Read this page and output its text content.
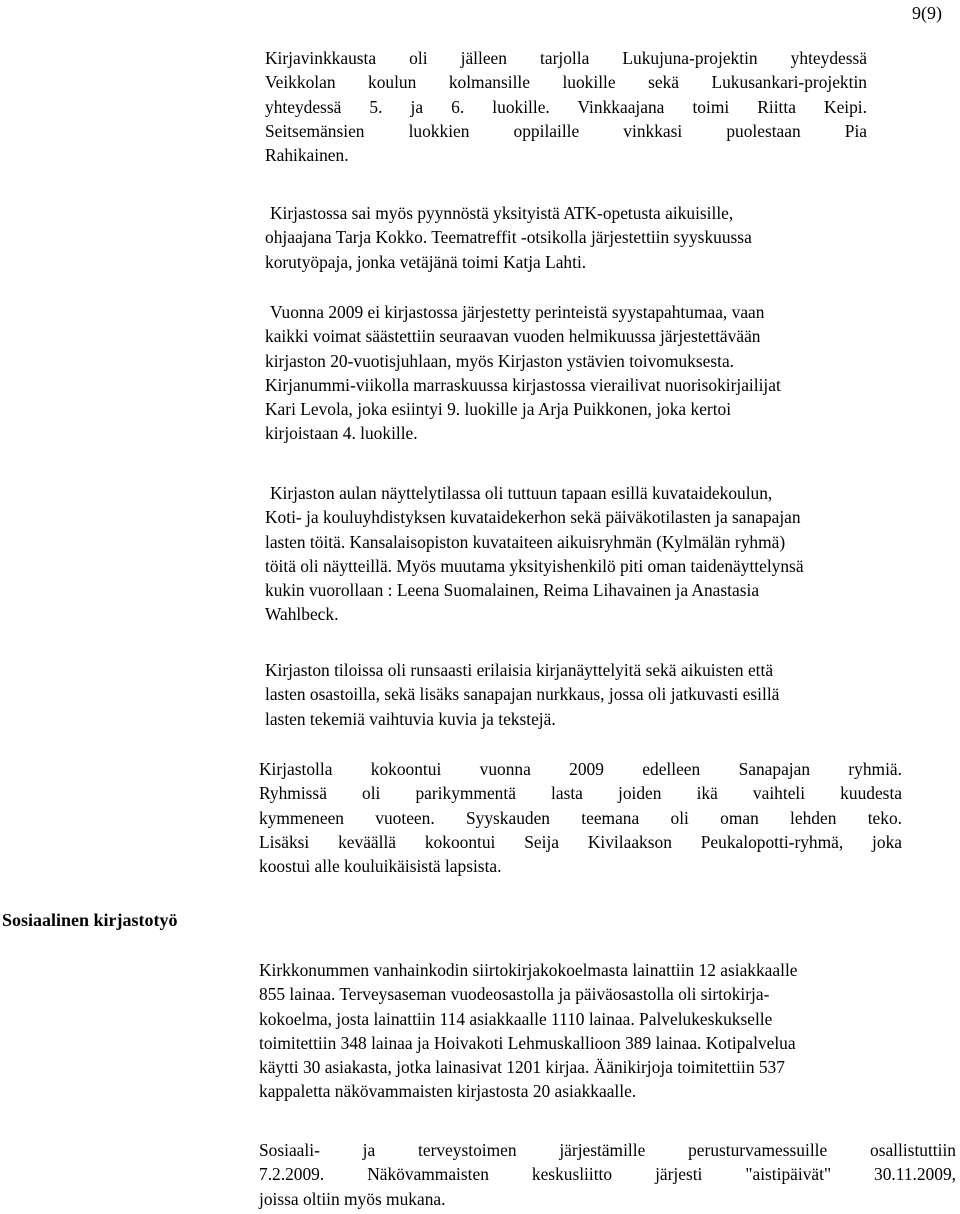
9(9)
Sosiaalinen kirjastotyö

Kirjavinkkausta oli jälleen tarjolla Lukujuna-projektin yhteydessä
Veikkolan koulun kolmansille luokille sekä Lukusankari-projektin
yhteydessä 5. ja 6. luokille. Vinkkaajana toimi Riitta Keipi.
Seitsemänsien luokkien oppilaille vinkkasi puolestaan Pia
Rahikainen.

Kirjastossa sai myös pyynnöstä yksityistä ATK-opetusta aikuisille,
ohjaajana Tarja Kokko. Teematreffit -otsikolla järjestettiin syyskuussa
korutyöpaja, jonka vetäjänä toimi Katja Lahti.

Vuonna 2009 ei kirjastossa järjestetty perinteistä syystapahtumaa, vaan
kaikki voimat säästettiin seuraavan vuoden helmikuussa järjestettävään
kirjaston 20-vuotisjuhlaan, myös Kirjaston ystävien toivomuksesta.
Kirjanummi-viikolla marraskuussa kirjastossa vierailivat nuorisokirjailijat
Kari Levola, joka esiintyi 9. luokille ja Arja Puikkonen, joka kertoi
kirjoistaan 4. luokille.

Kirjaston aulan näyttelytilassa oli tuttuun tapaan esillä kuvataidekoulun,
Koti- ja kouluyhdistyksen kuvataidekerhon sekä päiväkotilasten ja sanapajan
lasten töitä. Kansalaisopiston kuvataiteen aikuisryhmän (Kylmälän ryhmä)
töitä oli näytteillä. Myös muutama yksityishenkilö piti oman taidenäyttelynsä
kukin vuorollaan : Leena Suomalainen, Reima Lihavainen ja Anastasia
Wahlbeck.

Kirjaston tiloissa oli runsaasti erilaisia kirjanäyttelyitä sekä aikuisten että
lasten osastoilla, sekä lisäks sanapajan nurkkaus, jossa oli jatkuvasti esillä
lasten tekemiä vaihtuvia kuvia ja tekstejä.

Kirjastolla kokoontui vuonna 2009 edelleen Sanapajan ryhmiä.
Ryhmissä oli parikymmentä lasta joiden ikä vaihteli kuudesta
kymmeneen vuoteen. Syyskauden teemana oli oman lehden teko.
Lisäksi keväällä kokoontui Seija Kivilaakson Peukalopotti-ryhmä, joka
koostui alle kouluikäisistä lapsista.

Kirkkonummen vanhainkodin siirtokirjakokoelmasta lainattiin 12 asiakkaalle
855 lainaa. Terveysaseman vuodeosastolla ja päiväosastolla oli sirtokirja-
kokoelma, josta lainattiin 114 asiakkaalle 1110 lainaa. Palvelukeskukselle
toimitettiin 348 lainaa ja Hoivakoti Lehmuskallioon 389 lainaa. Kotipalvelua
käytti 30 asiakasta, jotka lainasivat 1201 kirjaa. Äänikirjoja toimitettiin 537
kappaletta näkövammaisten kirjastosta 20 asiakkaalle.

Sosiaali- ja terveystoimen järjestämille perusturvamessuille osallistuttiin
7.2.2009. Näkövammaisten keskusliitto järjesti "aistipäivät" 30.11.2009,
joissa oltiin myös mukana.
